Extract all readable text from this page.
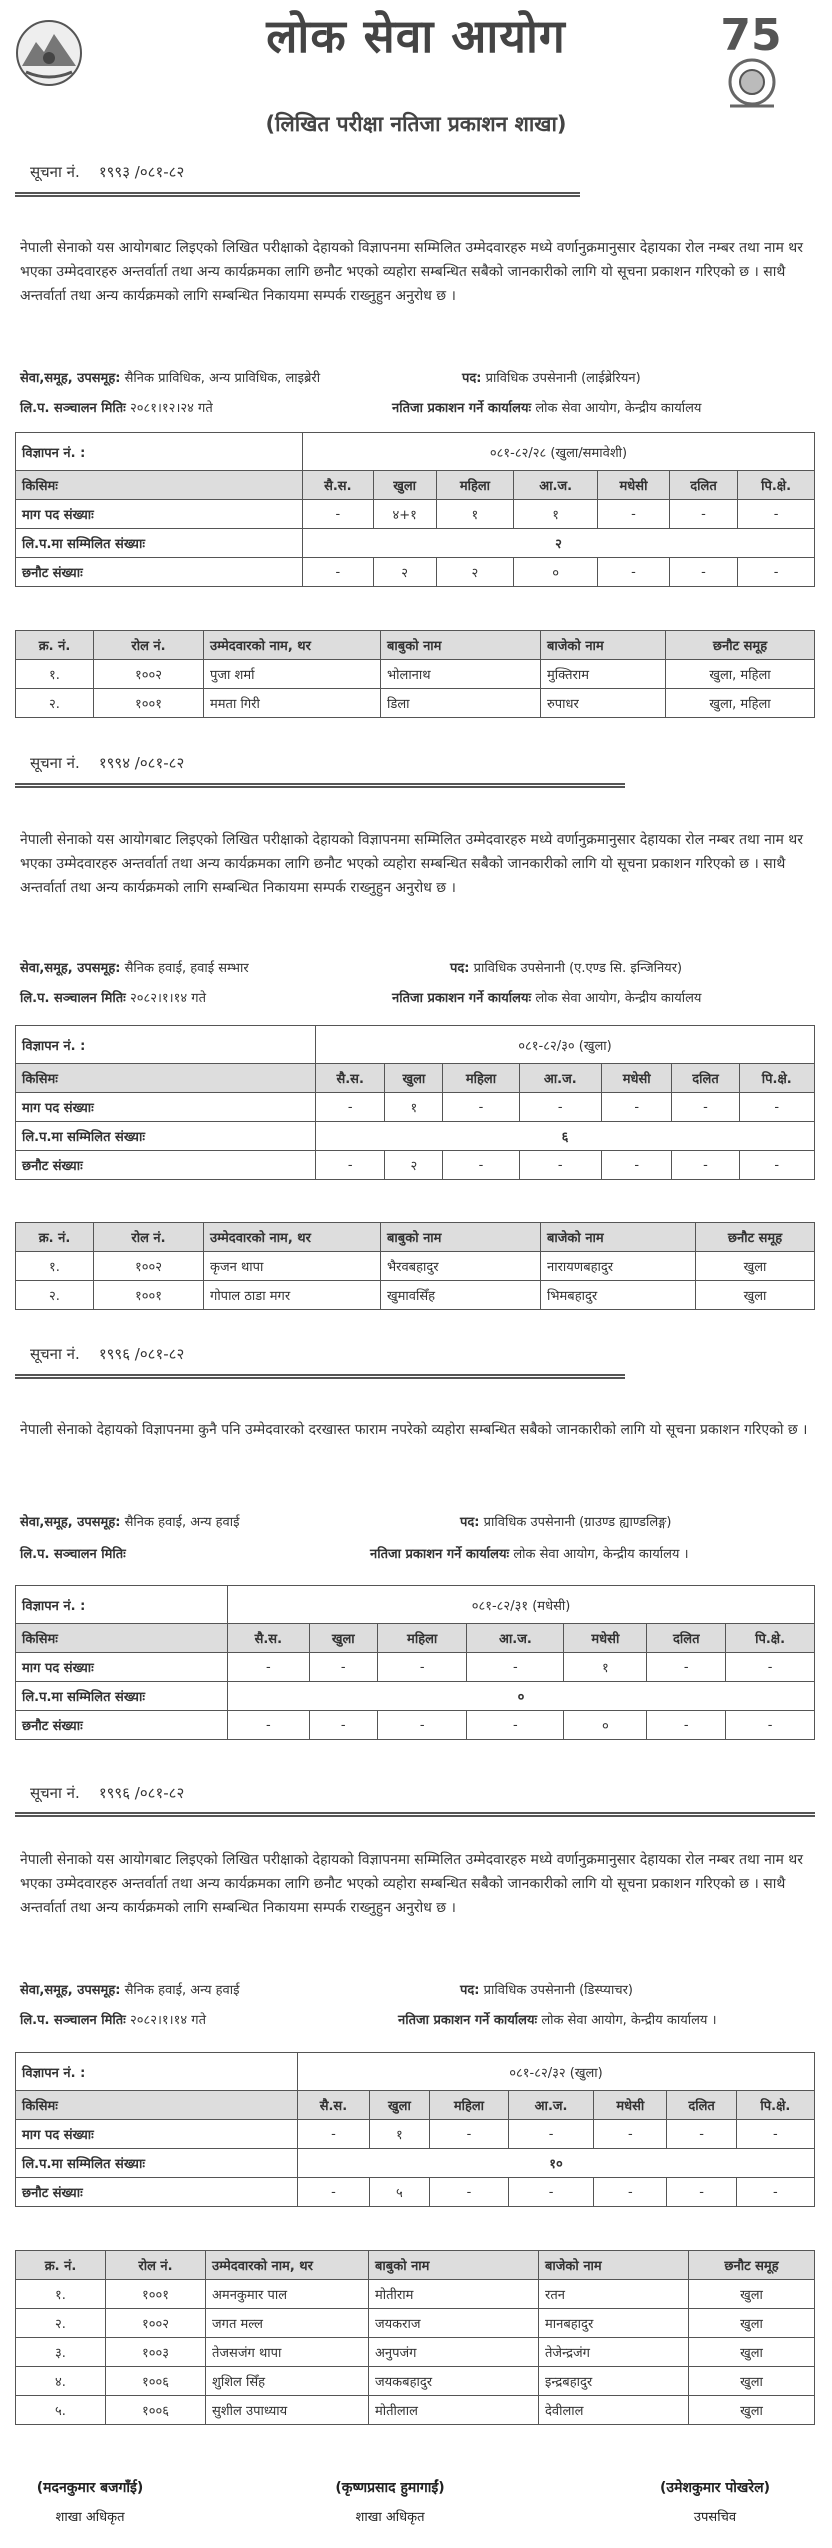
लोक सेवा आयोग
(लिखित परीक्षा नतिजा प्रकाशन शाखा)
75
सूचना नं. १९९३ /०८१-८२
नेपाली सेनाको यस आयोगबाट लिइएको लिखित परीक्षाको देहायको विज्ञापनमा सम्मिलित उम्मेदवारहरु मध्ये वर्णानुक्रमानुसार देहायका रोल नम्बर तथा नाम थर भएका उम्मेदवारहरु अन्तर्वार्ता तथा अन्य कार्यक्रमका लागि छनौट भएको व्यहोरा सम्बन्धित सबैको जानकारीको लागि यो सूचना प्रकाशन गरिएको छ । साथै अन्तर्वार्ता तथा अन्य कार्यक्रमको लागि सम्बन्धित निकायमा सम्पर्क राख्नुहुन अनुरोध छ ।
सेवा,समूह, उपसमूह: सैनिक प्राविधिक, अन्य प्राविधिक, लाइब्रेरी	पद: प्राविधिक उपसेनानी (लाईब्रेरियन)
लि.प. सञ्चालन मितिः २०८१।१२।२४ गते	नतिजा प्रकाशन गर्ने कार्यालयः लोक सेवा आयोग, केन्द्रीय कार्यालय
विज्ञापन नं. :	०८१-८२/२८ (खुला/समावेशी)						
किसिमः	सै.स.	खुला	महिला	आ.ज.	मधेसी	दलित	पि.क्षे.
माग पद संख्याः	-	४+१	१	१	-	-	-
लि.प.मा सम्मिलित संख्याः	२						
छनौट संख्याः	-	२	२	०	-	-	-
क्र. नं.	रोल नं.	उम्मेदवारको नाम, थर	बाबुको नाम	बाजेको नाम	छनौट समूह
१.	१००२	पुजा शर्मा	भोलानाथ	मुक्तिराम	खुला, महिला
२.	१००१	ममता गिरी	डिला	रुपाधर	खुला, महिला
सूचना नं. १९९४ /०८१-८२
नेपाली सेनाको यस आयोगबाट लिइएको लिखित परीक्षाको देहायको विज्ञापनमा सम्मिलित उम्मेदवारहरु मध्ये वर्णानुक्रमानुसार देहायका रोल नम्बर तथा नाम थर भएका उम्मेदवारहरु अन्तर्वार्ता तथा अन्य कार्यक्रमका लागि छनौट भएको व्यहोरा सम्बन्धित सबैको जानकारीको लागि यो सूचना प्रकाशन गरिएको छ । साथै अन्तर्वार्ता तथा अन्य कार्यक्रमको लागि सम्बन्धित निकायमा सम्पर्क राख्नुहुन अनुरोध छ ।
सेवा,समूह, उपसमूह: सैनिक हवाई, हवाई सम्भार	पद: प्राविधिक उपसेनानी (ए.एण्ड सि. इन्जिनियर)
लि.प. सञ्चालन मितिः २०८२।१।१४ गते	नतिजा प्रकाशन गर्ने कार्यालयः लोक सेवा आयोग, केन्द्रीय कार्यालय
विज्ञापन नं. :	०८१-८२/३० (खुला)						
किसिमः	सै.स.	खुला	महिला	आ.ज.	मधेसी	दलित	पि.क्षे.
माग पद संख्याः	-	१	-	-	-	-	-
लि.प.मा सम्मिलित संख्याः	६						
छनौट संख्याः	-	२	-	-	-	-	-
क्र. नं.	रोल नं.	उम्मेदवारको नाम, थर	बाबुको नाम	बाजेको नाम	छनौट समूह
१.	१००२	कृजन थापा	भैरवबहादुर	नारायणबहादुर	खुला
२.	१००१	गोपाल ठाडा मगर	खुमावसिँह	भिमबहादुर	खुला
सूचना नं. १९९६ /०८१-८२
नेपाली सेनाको देहायको विज्ञापनमा कुनै पनि उम्मेदवारको दरखास्त फाराम नपरेको व्यहोरा सम्बन्धित सबैको जानकारीको लागि यो सूचना प्रकाशन गरिएको छ ।
सेवा,समूह, उपसमूह: सैनिक हवाई, अन्य हवाई	पद: प्राविधिक उपसेनानी (ग्राउण्ड ह्याण्डलिङ्ग)
लि.प. सञ्चालन मितिः	नतिजा प्रकाशन गर्ने कार्यालयः लोक सेवा आयोग, केन्द्रीय कार्यालय ।
विज्ञापन नं. :	०८१-८२/३१ (मधेसी)						
किसिमः	सै.स.	खुला	महिला	आ.ज.	मधेसी	दलित	पि.क्षे.
माग पद संख्याः	-	-	-	-	१	-	-
लि.प.मा सम्मिलित संख्याः	०						
छनौट संख्याः	-	-	-	-	०	-	-
सूचना नं. १९९६ /०८१-८२
नेपाली सेनाको यस आयोगबाट लिइएको लिखित परीक्षाको देहायको विज्ञापनमा सम्मिलित उम्मेदवारहरु मध्ये वर्णानुक्रमानुसार देहायका रोल नम्बर तथा नाम थर भएका उम्मेदवारहरु अन्तर्वार्ता तथा अन्य कार्यक्रमका लागि छनौट भएको व्यहोरा सम्बन्धित सबैको जानकारीको लागि यो सूचना प्रकाशन गरिएको छ । साथै अन्तर्वार्ता तथा अन्य कार्यक्रमको लागि सम्बन्धित निकायमा सम्पर्क राख्नुहुन अनुरोध छ ।
सेवा,समूह, उपसमूह: सैनिक हवाई, अन्य हवाई	पद: प्राविधिक उपसेनानी (डिस्प्याचर)
लि.प. सञ्चालन मितिः २०८२।१।१४ गते	नतिजा प्रकाशन गर्ने कार्यालयः लोक सेवा आयोग, केन्द्रीय कार्यालय ।
विज्ञापन नं. :	०८१-८२/३२ (खुला)						
किसिमः	सै.स.	खुला	महिला	आ.ज.	मधेसी	दलित	पि.क्षे.
माग पद संख्याः	-	१	-	-	-	-	-
लि.प.मा सम्मिलित संख्याः	१०						
छनौट संख्याः	-	५	-	-	-	-	-
क्र. नं.	रोल नं.	उम्मेदवारको नाम, थर	बाबुको नाम	बाजेको नाम	छनौट समूह
१.	१००१	अमनकुमार पाल	मोतीराम	रतन	खुला
२.	१००२	जगत मल्ल	जयकराज	मानबहादुर	खुला
३.	१००३	तेजसजंग थापा	अनुपजंग	तेजेन्द्रजंग	खुला
४.	१००६	शुशिल सिँह	जयकबहादुर	इन्द्रबहादुर	खुला
५.	१००६	सुशील उपाध्याय	मोतीलाल	देवीलाल	खुला
(मदनकुमार बजगाँई)
शाखा अधिकृत
(कृष्णप्रसाद हुमागाईं)
शाखा अधिकृत
(उमेशकुमार पोखरेल)
उपसचिव
